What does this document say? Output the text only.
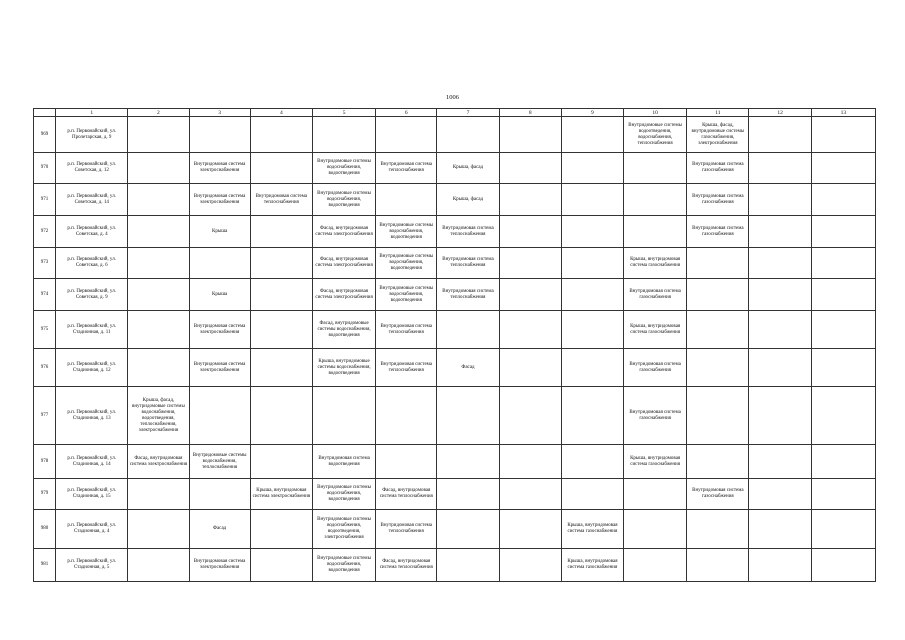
1006
	1	2	3	4	5	6	7	8	9	10	11	12	13
969	р.п. Первомайский, ул. Пролетарская, д. 9									Внутридомовые системы водоотведения, водоснабжения, теплоснабжения	Крыша, фасад, внутридомовые системы газоснабжения, электроснабжения		
970	р.п. Первомайский, ул. Советская, д. 12		Внутридомовая система электроснабжения		Внутридомовые системы водоснабжения, водоотведения	Внутридомовая система теплоснабжения	Крыша, фасад				Внутридомовая система газоснабжения		
971	р.п. Первомайский, ул. Советская, д. 14		Внутридомовая система электроснабжения	Внутридомовая система теплоснабжения	Внутридомовые системы водоснабжения, водоотведения		Крыша, фасад				Внутридомовая система газоснабжения		
972	р.п. Первомайский, ул. Советская, д. 4		Крыша		Фасад, внутридомовая система электроснабжения	Внутридомовые системы водоснабжения, водоотведения	Внутридомовая система теплоснабжения				Внутридомовая система газоснабжения		
973	р.п. Первомайский, ул. Советская, д. 6				Фасад, внутридомовая система электроснабжения	Внутридомовые системы водоснабжения, водоотведения	Внутридомовая система теплоснабжения			Крыша, внутридомовая система газоснабжения			
974	р.п. Первомайский, ул. Советская, д. 9		Крыша		Фасад, внутридомовая система электроснабжения	Внутридомовые системы водоснабжения, водоотведения	Внутридомовая система теплоснабжения			Внутридомовая система газоснабжения			
975	р.п. Первомайский, ул. Стадионная, д. 11		Внутридомовая система электроснабжения		Фасад, внутридомовые системы водоснабжения, водоотведения	Внутридомовая система теплоснабжения				Крыша, внутридомовая система газоснабжения			
976	р.п. Первомайский, ул. Стадионная, д. 12		Внутридомовая система электроснабжения		Крыша, внутридомовые системы водоснабжения, водоотведения	Внутридомовая система теплоснабжения	Фасад			Внутридомовая система газоснабжения			
977	р.п. Первомайский, ул. Стадионная, д. 13	Крыша, фасад, внутридомовые системы водоснабжения, водоотведения, теплоснабжения, электроснабжения								Внутридомовая система газоснабжения			
978	р.п. Первомайский, ул. Стадионная, д. 14	Фасад, внутридомовая система электроснабжения	Внутридомовые системы водоснабжения, теплоснабжения		Внутридомовая система водоотведения					Крыша, внутридомовая система газоснабжения			
979	р.п. Первомайский, ул. Стадионная, д. 15			Крыша, внутридомовая система электроснабжения	Внутридомовые системы водоснабжения, водоотведения	Фасад, внутридомовая система теплоснабжения					Внутридомовая система газоснабжения		
980	р.п. Первомайский, ул. Стадионная, д. 4		Фасад		Внутридомовые системы водоснабжения, водоотведения, электроснабжения	Внутридомовая система теплоснабжения			Крыша, внутридомовая система газоснабжения				
981	р.п. Первомайский, ул. Стадионная, д. 5		Внутридомовая система электроснабжения		Внутридомовые системы водоснабжения, водоотведения	Фасад, внутридомовая система теплоснабжения			Крыша, внутридомовая система газоснабжения				
